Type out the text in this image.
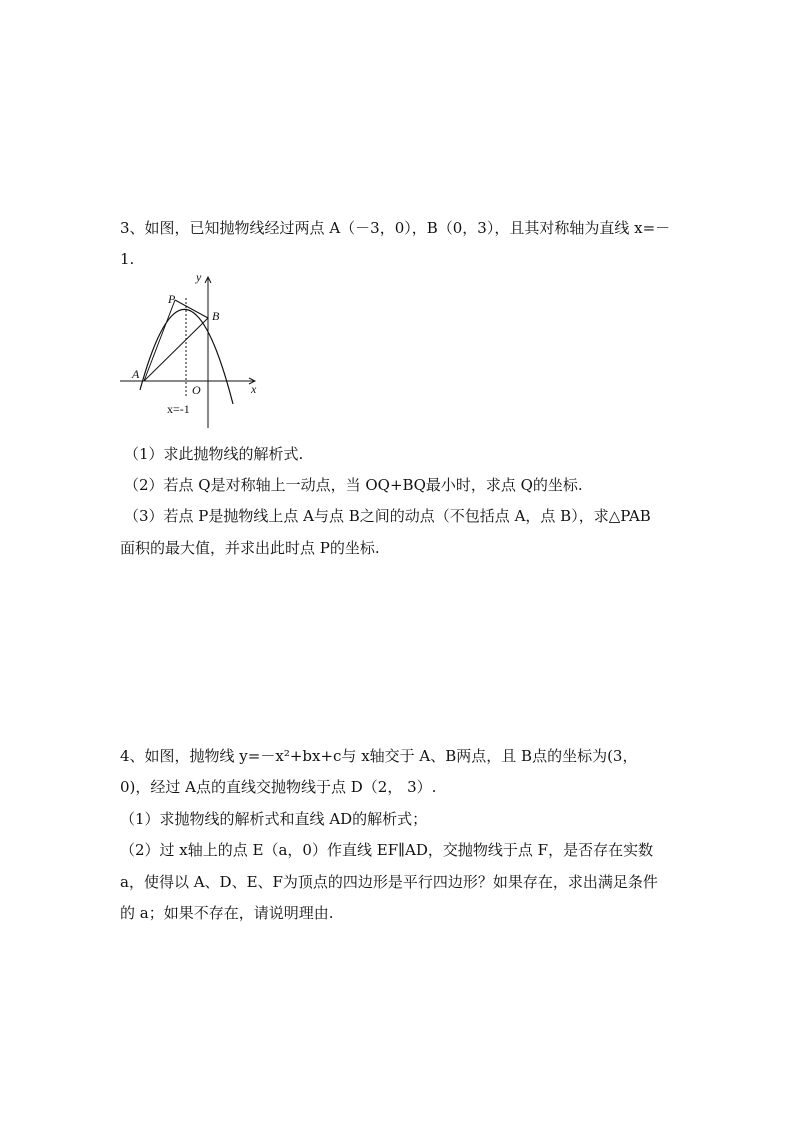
3、如图，已知抛物线经过两点 A（－3，0），B（0，3），且其对称轴为直线 x=－
1.
y
x
O
A
B
P
x=-1
（1）求此抛物线的解析式.
（2）若点 Q是对称轴上一动点，当 OQ+BQ最小时，求点 Q的坐标.
（3）若点 P是抛物线上点 A与点 B之间的动点（不包括点 A，点 B），求△PAB
面积的最大值，并求出此时点 P的坐标.
4、如图，抛物线 y=－x²+bx+c与 x轴交于 A、B两点，且 B点的坐标为(3，
0)，经过 A点的直线交抛物线于点 D（2， 3）.
（1）求抛物线的解析式和直线 AD的解析式；
（2）过 x轴上的点 E（a，0）作直线 EF∥AD，交抛物线于点 F，是否存在实数
a，使得以 A、D、E、F为顶点的四边形是平行四边形？如果存在，求出满足条件
的 a；如果不存在，请说明理由.
